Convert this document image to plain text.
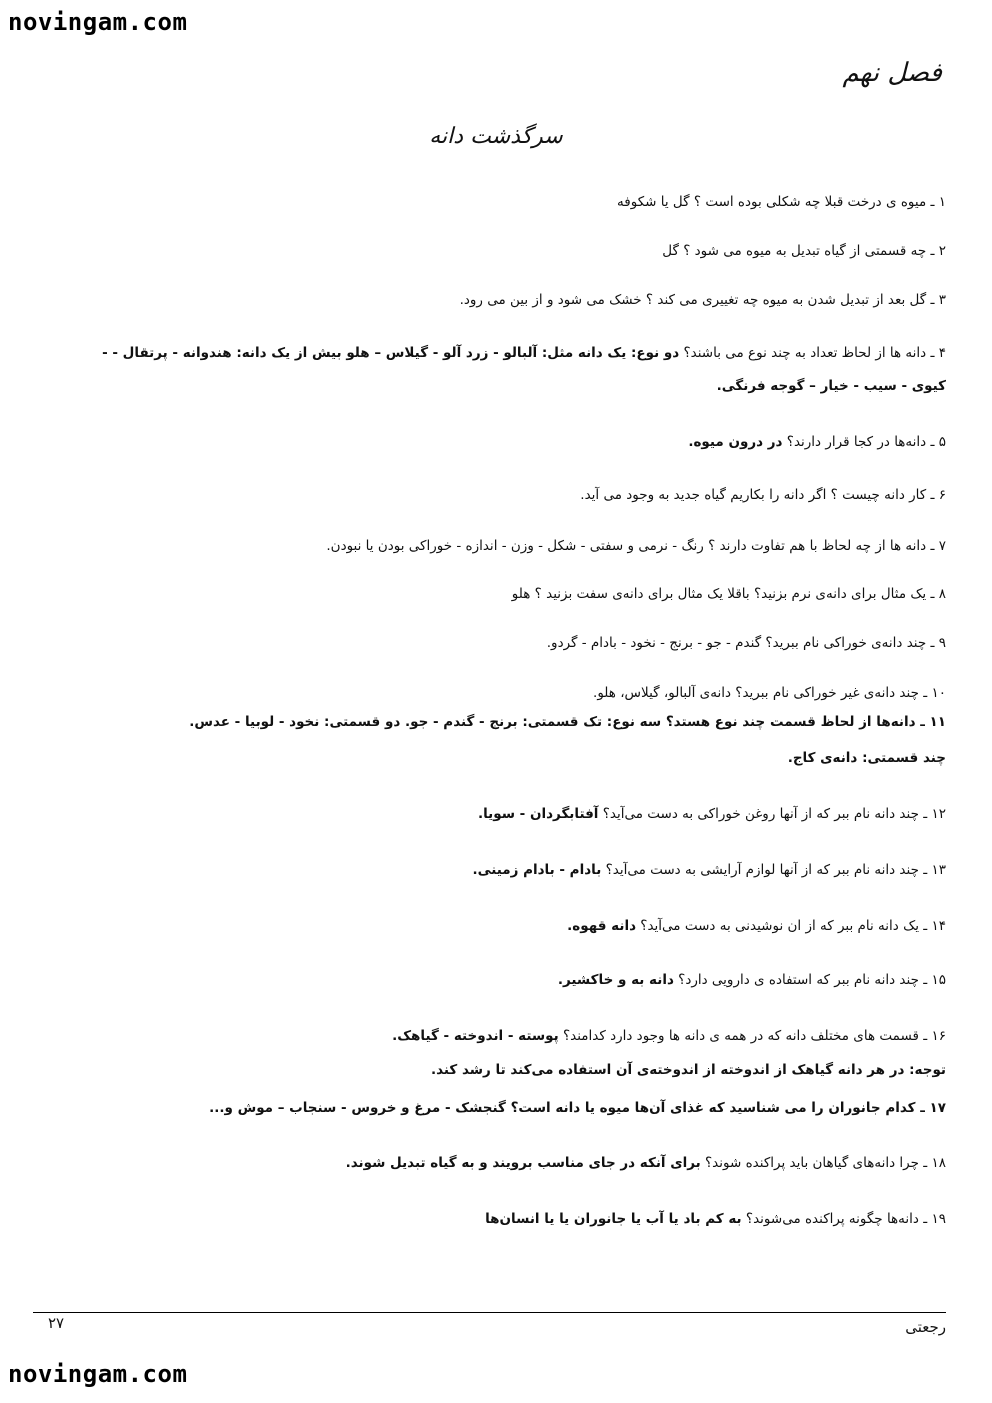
novingam.com
فصل نهم
سرگذشت دانه
۱ ـ میوه ی درخت قبلا چه شکلی بوده است ؟ گل یا شکوفه
۲ ـ چه قسمتی از گیاه تبدیل به میوه می شود ؟ گل
۳ ـ گل بعد از تبدیل شدن به میوه چه تغییری می کند ؟ خشک می شود و از بین می رود.
۴ ـ دانه ها از لحاظ تعداد به چند نوع می باشند؟ دو نوع: یک دانه مثل: آلبالو - زرد آلو - گیلاس – هلو بیش از یک دانه: هندوانه - پرتقال - -
کیوی - سیب - خیار – گوجه فرنگی.
۵ ـ دانه‌ها در کجا قرار دارند؟ در درون میوه.
۶ ـ کار دانه چیست ؟ اگر دانه را بکاریم گیاه جدید به وجود می آید.
۷ ـ دانه ها از چه لحاظ با هم تفاوت دارند ؟ رنگ - نرمی و سفتی - شکل - وزن - اندازه - خوراکی بودن یا نبودن.
۸ ـ یک مثال برای دانه‌ی نرم بزنید؟ باقلا یک مثال برای دانه‌ی سفت بزنید ؟ هلو
۹ ـ چند دانه‌ی خوراکی نام ببرید؟ گندم - جو - برنج - نخود - بادام - گردو.
۱۰ ـ چند دانه‌ی غیر خوراکی نام ببرید؟ دانه‌ی آلبالو، گیلاس، هلو.
۱۱ ـ دانه‌ها از لحاظ قسمت چند نوع هستد؟ سه نوع: تک قسمتی: برنج - گندم - جو. دو قسمتی: نخود - لوبیا - عدس.
چند قسمتی: دانه‌ی کاج.
۱۲ ـ چند دانه نام ببر که از آنها روغن خوراکی به دست می‌آید؟ آفتابگردان - سویا.
۱۳ ـ چند دانه نام ببر که از آنها لوازم آرایشی به دست می‌آید؟ بادام - بادام زمینی.
۱۴ ـ یک دانه نام ببر که از ان نوشیدنی به دست می‌آید؟ دانه قهوه.
۱۵ ـ چند دانه نام ببر که استفاده ی دارویی دارد؟ دانه به و خاکشیر.
۱۶ ـ قسمت های مختلف دانه که در همه ی دانه ها وجود دارد کدامند؟ پوسته - اندوخته - گیاهک.
توجه: در هر دانه گیاهک از اندوخته از اندوخته‌ی آن استفاده می‌کند تا رشد کند.
۱۷ ـ کدام جانوران را می شناسید که غذای آن‌ها میوه یا دانه است؟ گنجشک - مرغ و خروس - سنجاب – موش و...
۱۸ ـ چرا دانه‌های گیاهان باید پراکنده شوند؟ برای آنکه در جای مناسب برویند و به گیاه تبدیل شوند.
۱۹ ـ دانه‌ها چگونه پراکنده می‌شوند؟ به کم باد یا آب یا جانوران یا یا انسان‌ها
۲۷	رجعتی
novingam.com
